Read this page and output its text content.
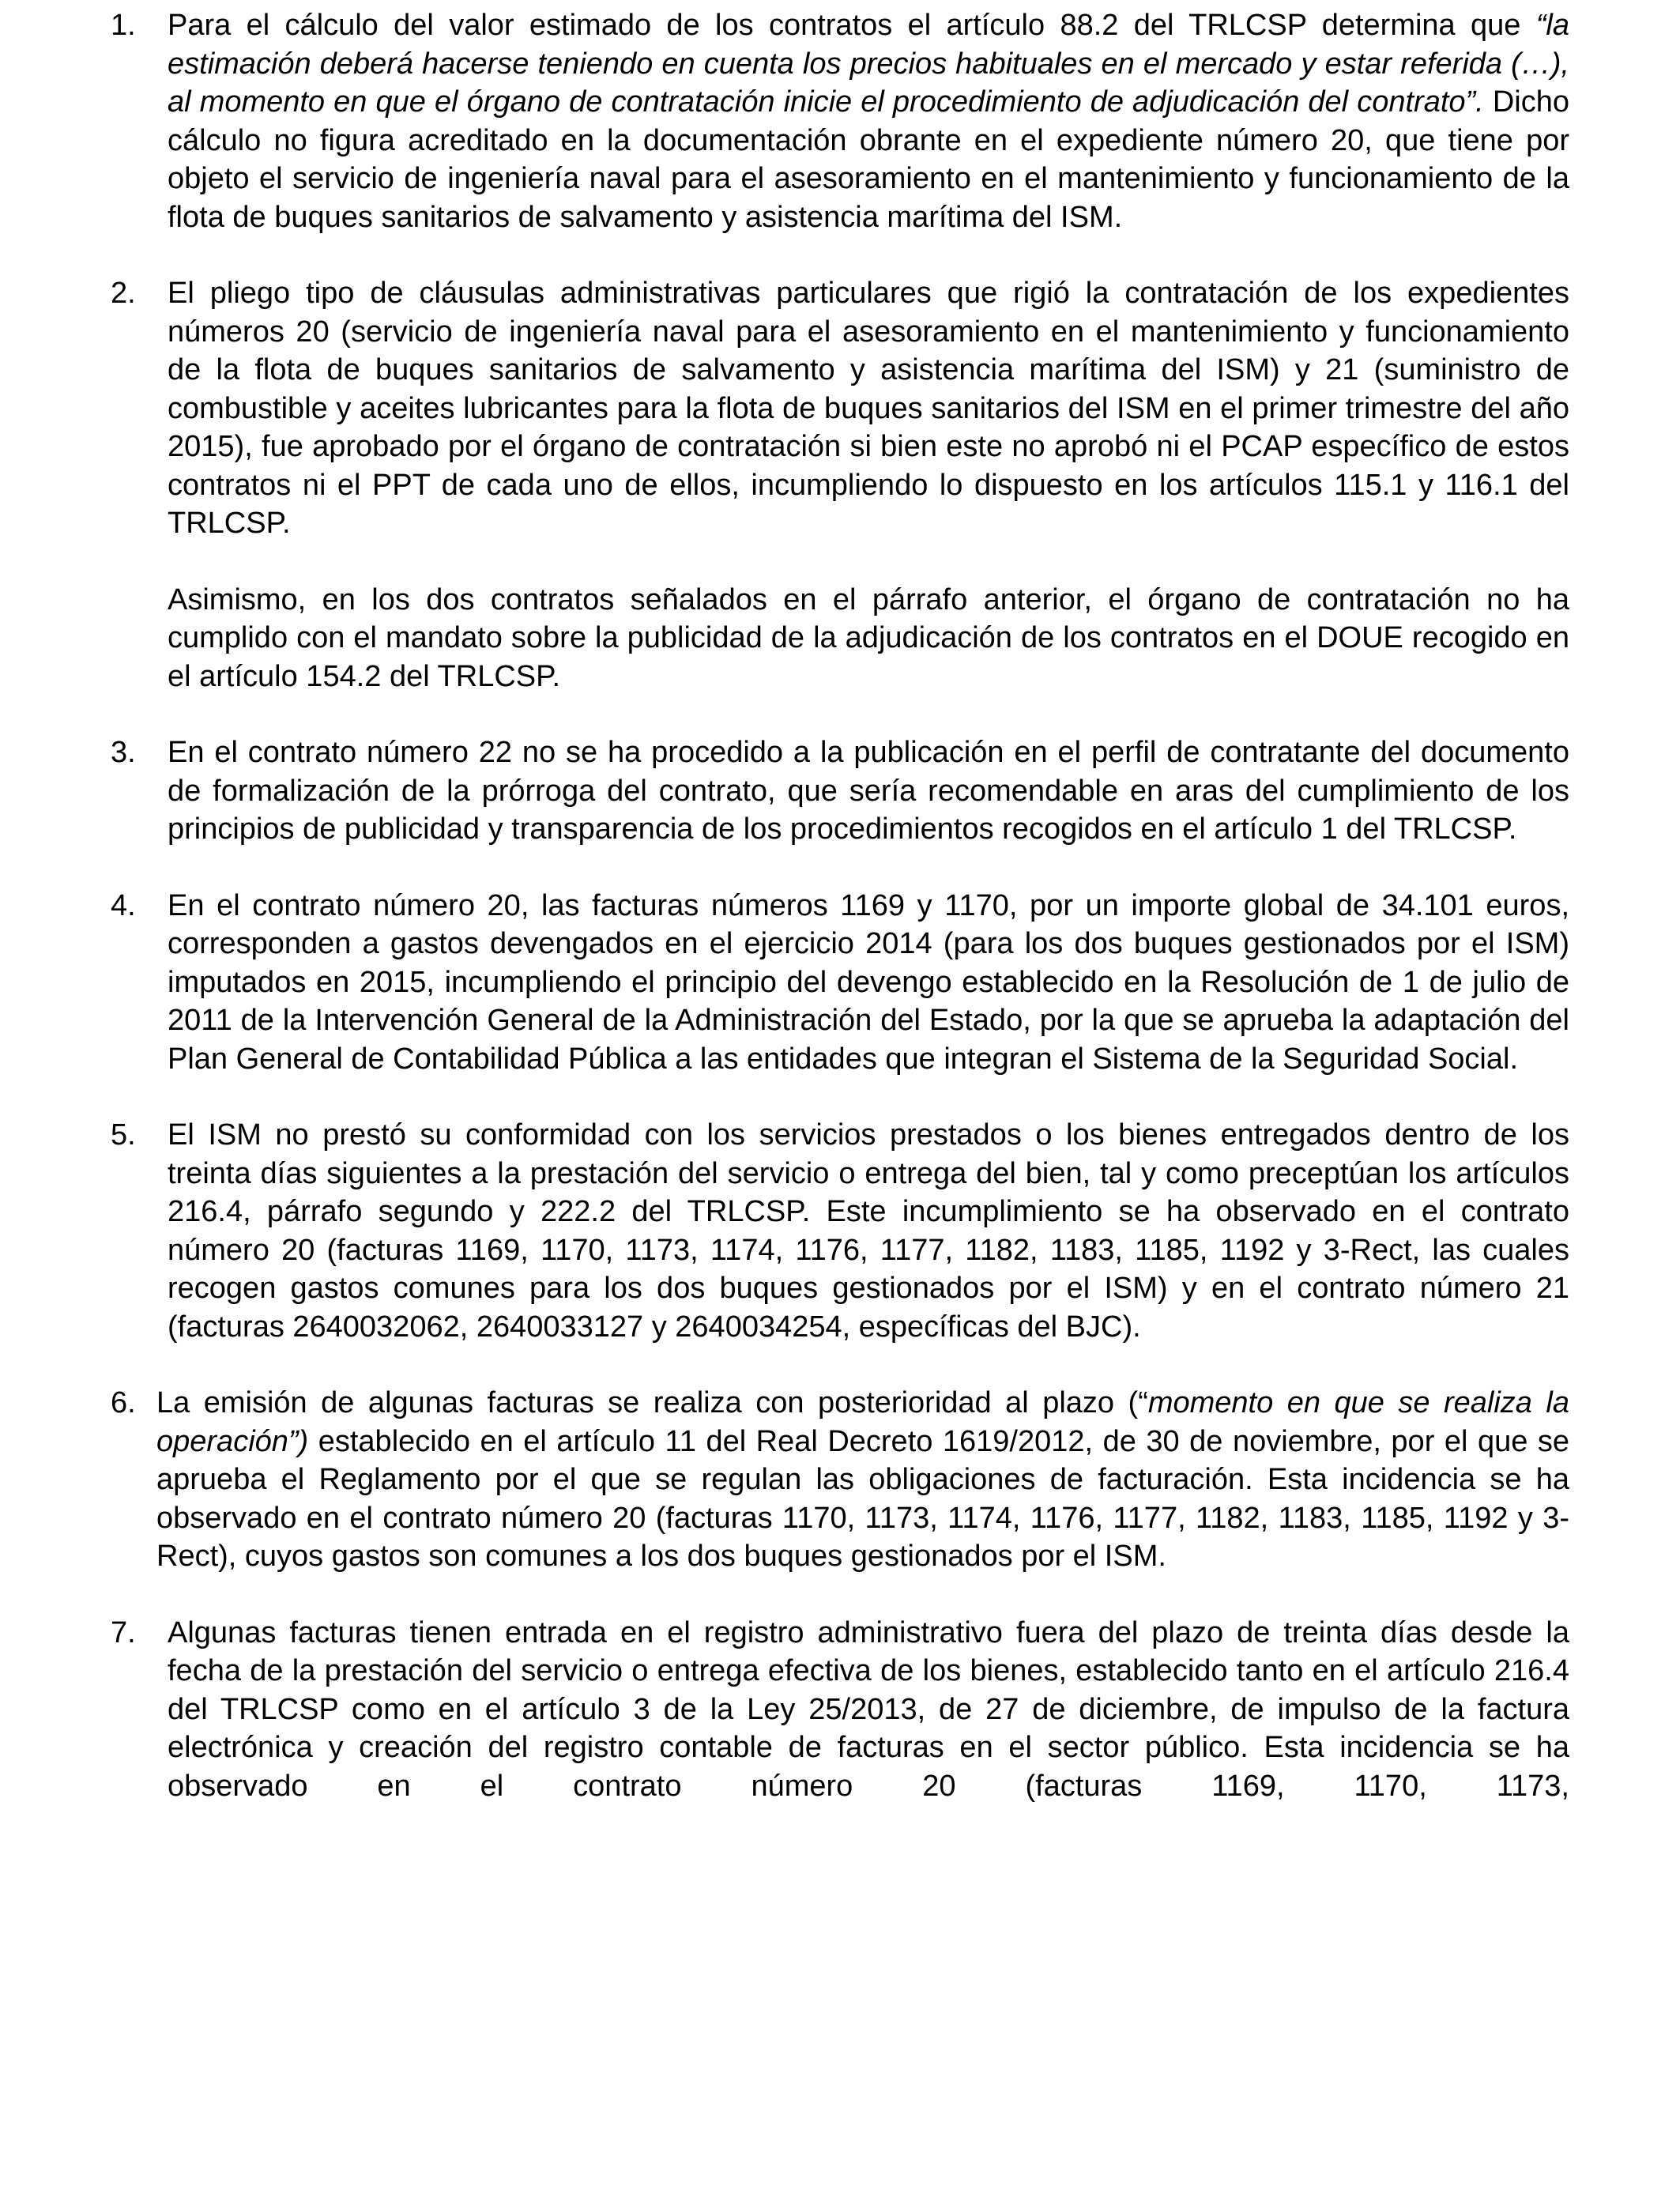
1. Para el cálculo del valor estimado de los contratos el artículo 88.2 del TRLCSP determina que “la estimación deberá hacerse teniendo en cuenta los precios habituales en el mercado y estar referida (…), al momento en que el órgano de contratación inicie el procedimiento de adjudicación del contrato”. Dicho cálculo no figura acreditado en la documentación obrante en el expediente número 20, que tiene por objeto el servicio de ingeniería naval para el asesoramiento en el mantenimiento y funcionamiento de la flota de buques sanitarios de salvamento y asistencia marítima del ISM.

2. El pliego tipo de cláusulas administrativas particulares que rigió la contratación de los expedientes números 20 (servicio de ingeniería naval para el asesoramiento en el mantenimiento y funcionamiento de la flota de buques sanitarios de salvamento y asistencia marítima del ISM) y 21 (suministro de combustible y aceites lubricantes para la flota de buques sanitarios del ISM en el primer trimestre del año 2015), fue aprobado por el órgano de contratación si bien este no aprobó ni el PCAP específico de estos contratos ni el PPT de cada uno de ellos, incumpliendo lo dispuesto en los artículos 115.1 y 116.1 del TRLCSP.

Asimismo, en los dos contratos señalados en el párrafo anterior, el órgano de contratación no ha cumplido con el mandato sobre la publicidad de la adjudicación de los contratos en el DOUE recogido en el artículo 154.2 del TRLCSP.

3. En el contrato número 22 no se ha procedido a la publicación en el perfil de contratante del documento de formalización de la prórroga del contrato, que sería recomendable en aras del cumplimiento de los principios de publicidad y transparencia de los procedimientos recogidos en el artículo 1 del TRLCSP.

4. En el contrato número 20, las facturas números 1169 y 1170, por un importe global de 34.101 euros, corresponden a gastos devengados en el ejercicio 2014 (para los dos buques gestionados por el ISM) imputados en 2015, incumpliendo el principio del devengo establecido en la Resolución de 1 de julio de 2011 de la Intervención General de la Administración del Estado, por la que se aprueba la adaptación del Plan General de Contabilidad Pública a las entidades que integran el Sistema de la Seguridad Social.

5. El ISM no prestó su conformidad con los servicios prestados o los bienes entregados dentro de los treinta días siguientes a la prestación del servicio o entrega del bien, tal y como preceptúan los artículos 216.4, párrafo segundo y 222.2 del TRLCSP. Este incumplimiento se ha observado en el contrato número 20 (facturas 1169, 1170, 1173, 1174, 1176, 1177, 1182, 1183, 1185, 1192 y 3-Rect, las cuales recogen gastos comunes para los dos buques gestionados por el ISM) y en el contrato número 21 (facturas 2640032062, 2640033127 y 2640034254, específicas del BJC).

6. La emisión de algunas facturas se realiza con posterioridad al plazo (“momento en que se realiza la operación”) establecido en el artículo 11 del Real Decreto 1619/2012, de 30 de noviembre, por el que se aprueba el Reglamento por el que se regulan las obligaciones de facturación. Esta incidencia se ha observado en el contrato número 20 (facturas 1170, 1173, 1174, 1176, 1177, 1182, 1183, 1185, 1192 y 3-Rect), cuyos gastos son comunes a los dos buques gestionados por el ISM.

7. Algunas facturas tienen entrada en el registro administrativo fuera del plazo de treinta días desde la fecha de la prestación del servicio o entrega efectiva de los bienes, establecido tanto en el artículo 216.4 del TRLCSP como en el artículo 3 de la Ley 25/2013, de 27 de diciembre, de impulso de la factura electrónica y creación del registro contable de facturas en el sector público. Esta incidencia se ha observado en el contrato número 20 (facturas 1169, 1170, 1173,
